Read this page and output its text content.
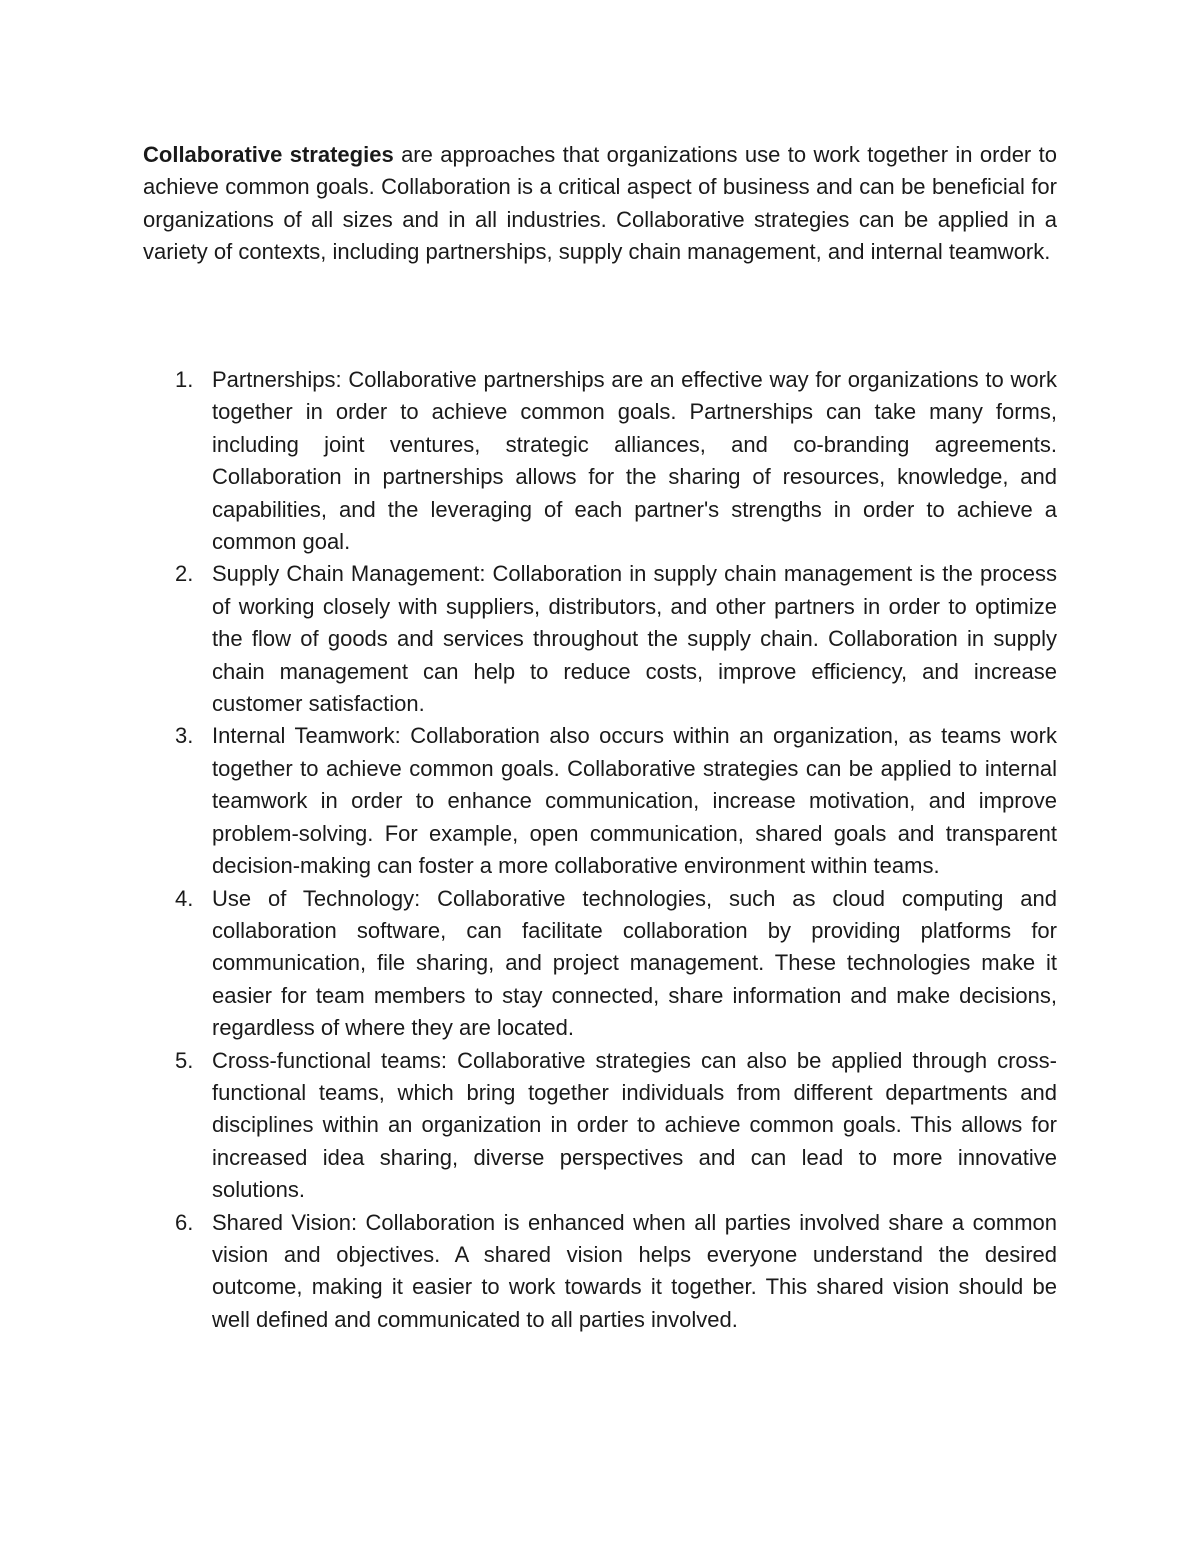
Collaborative strategies are approaches that organizations use to work together in order to achieve common goals. Collaboration is a critical aspect of business and can be beneficial for organizations of all sizes and in all industries. Collaborative strategies can be applied in a variety of contexts, including partnerships, supply chain management, and internal teamwork.

1. Partnerships: Collaborative partnerships are an effective way for organizations to work together in order to achieve common goals. Partnerships can take many forms, including joint ventures, strategic alliances, and co-branding agreements. Collaboration in partnerships allows for the sharing of resources, knowledge, and capabilities, and the leveraging of each partner's strengths in order to achieve a common goal.
2. Supply Chain Management: Collaboration in supply chain management is the process of working closely with suppliers, distributors, and other partners in order to optimize the flow of goods and services throughout the supply chain. Collaboration in supply chain management can help to reduce costs, improve efficiency, and increase customer satisfaction.
3. Internal Teamwork: Collaboration also occurs within an organization, as teams work together to achieve common goals. Collaborative strategies can be applied to internal teamwork in order to enhance communication, increase motivation, and improve problem-solving. For example, open communication, shared goals and transparent decision-making can foster a more collaborative environment within teams.
4. Use of Technology: Collaborative technologies, such as cloud computing and collaboration software, can facilitate collaboration by providing platforms for communication, file sharing, and project management. These technologies make it easier for team members to stay connected, share information and make decisions, regardless of where they are located.
5. Cross-functional teams: Collaborative strategies can also be applied through cross-functional teams, which bring together individuals from different departments and disciplines within an organization in order to achieve common goals. This allows for increased idea sharing, diverse perspectives and can lead to more innovative solutions.
6. Shared Vision: Collaboration is enhanced when all parties involved share a common vision and objectives. A shared vision helps everyone understand the desired outcome, making it easier to work towards it together. This shared vision should be well defined and communicated to all parties involved.
